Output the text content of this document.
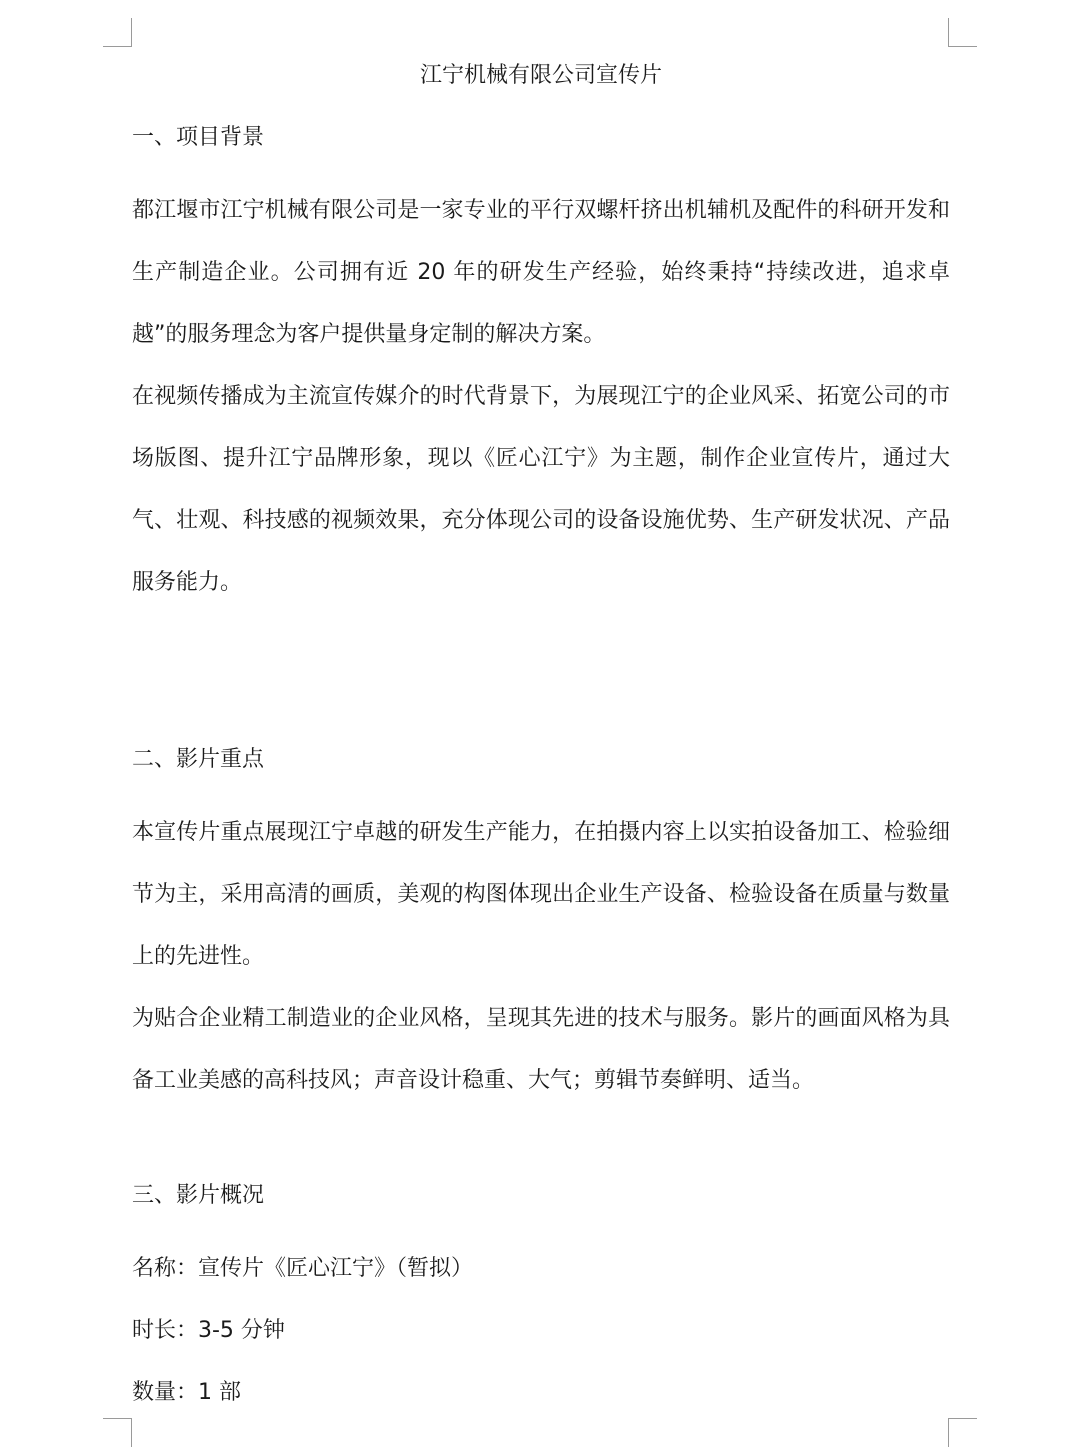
江宁机械有限公司宣传片
一、项目背景

都江堰市江宁机械有限公司是一家专业的平行双螺杆挤出机辅机及配件的科研开发和生产制造企业。公司拥有近 20 年的研发生产经验，始终秉持“持续改进，追求卓越”的服务理念为客户提供量身定制的解决方案。

在视频传播成为主流宣传媒介的时代背景下，为展现江宁的企业风采、拓宽公司的市场版图、提升江宁品牌形象，现以《匠心江宁》为主题，制作企业宣传片，通过大气、壮观、科技感的视频效果，充分体现公司的设备设施优势、生产研发状况、产品服务能力。

二、影片重点

本宣传片重点展现江宁卓越的研发生产能力，在拍摄内容上以实拍设备加工、检验细节为主，采用高清的画质，美观的构图体现出企业生产设备、检验设备在质量与数量上的先进性。

为贴合企业精工制造业的企业风格，呈现其先进的技术与服务。影片的画面风格为具备工业美感的高科技风；声音设计稳重、大气；剪辑节奏鲜明、适当。

三、影片概况

名称：宣传片《匠心江宁》（暂拟）

时长：3-5 分钟

数量：1 部
